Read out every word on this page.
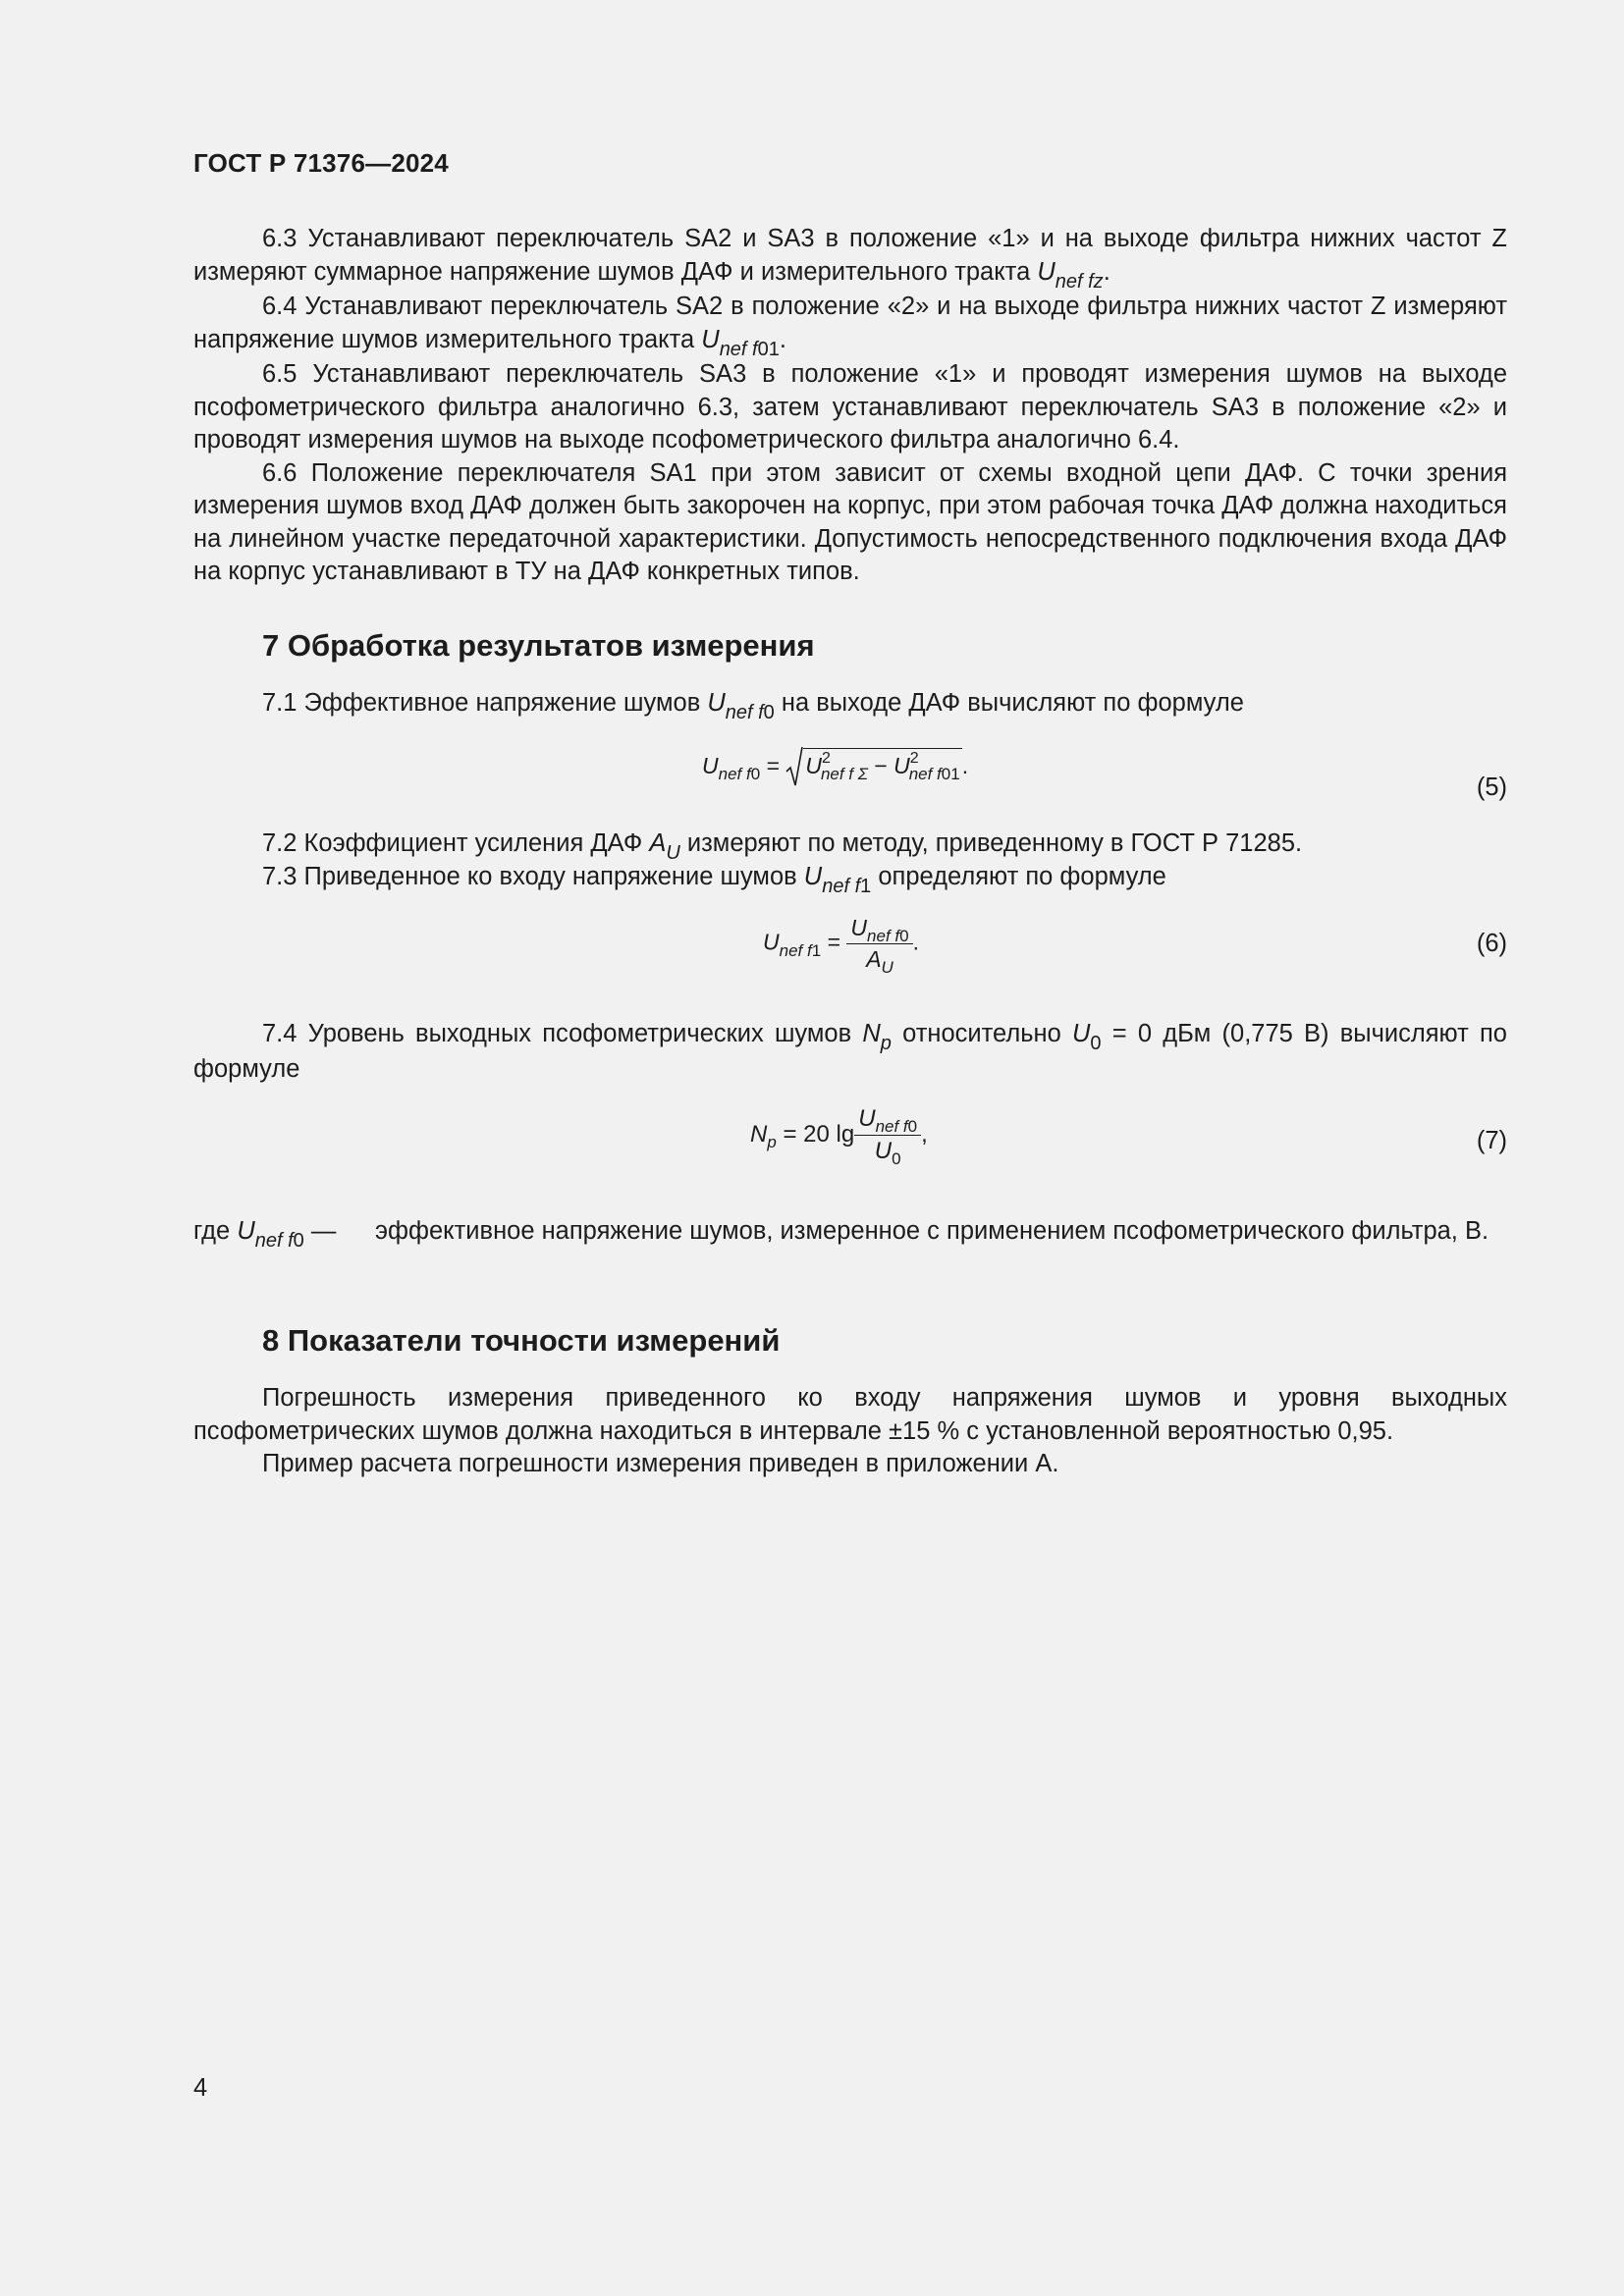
ГОСТ Р 71376—2024

6.3 Устанавливают переключатель SA2 и SA3 в положение «1» и на выходе фильтра нижних частот Z измеряют суммарное напряжение шумов ДАФ и измерительного тракта $U_{nef fz}$.

6.4 Устанавливают переключатель SA2 в положение «2» и на выходе фильтра нижних частот Z измеряют напряжение шумов измерительного тракта $U_{nef f01}$.

6.5 Устанавливают переключатель SA3 в положение «1» и проводят измерения шумов на выходе псофометрического фильтра аналогично 6.3, затем устанавливают переключатель SA3 в положение «2» и проводят измерения шумов на выходе псофометрического фильтра аналогично 6.4.

6.6 Положение переключателя SA1 при этом зависит от схемы входной цепи ДАФ. С точки зрения измерения шумов вход ДАФ должен быть закорочен на корпус, при этом рабочая точка ДАФ должна находиться на линейном участке передаточной характеристики. Допустимость непосредственного подключения входа ДАФ на корпус устанавливают в ТУ на ДАФ конкретных типов.

7 Обработка результатов измерения
7.1 Эффективное напряжение шумов $U_{nef f0}$ на выходе ДАФ вычисляют по формуле
$U_{nef f0} = U^2_{nef f \Sigma} - U^2_{nef f01}$.
(5)
7.2 Коэффициент усиления ДАФ $A_U$ измеряют по методу, приведенному в ГОСТ Р 71285.
7.3 Приведенное ко входу напряжение шумов $U_{nef f1}$ определяют по формуле
$U_{nef f1} = \frac{U_{nef f0}}{A_U}$ .	(6)

7.4 Уровень выходных псофометрических шумов $N_p$ относительно $U_0 = 0$ дБм (0,775 В) вычисляют по формуле

$N_p = 20$ $\lg \frac{U_{nef f0}}{U_0}$ ,	(7)
где $U_{nef f0}$ — эффективное напряжение шумов, измеренное с применением псофометрического фильтра, В.
8 Показатели точности измерений

Погрешность измерения приведенного ко входу напряжения шумов и уровня выходных псофометрических шумов должна находиться в интервале ±15 % с установленной вероятностью 0,95.

Пример расчета погрешности измерения приведен в приложении А.

4
